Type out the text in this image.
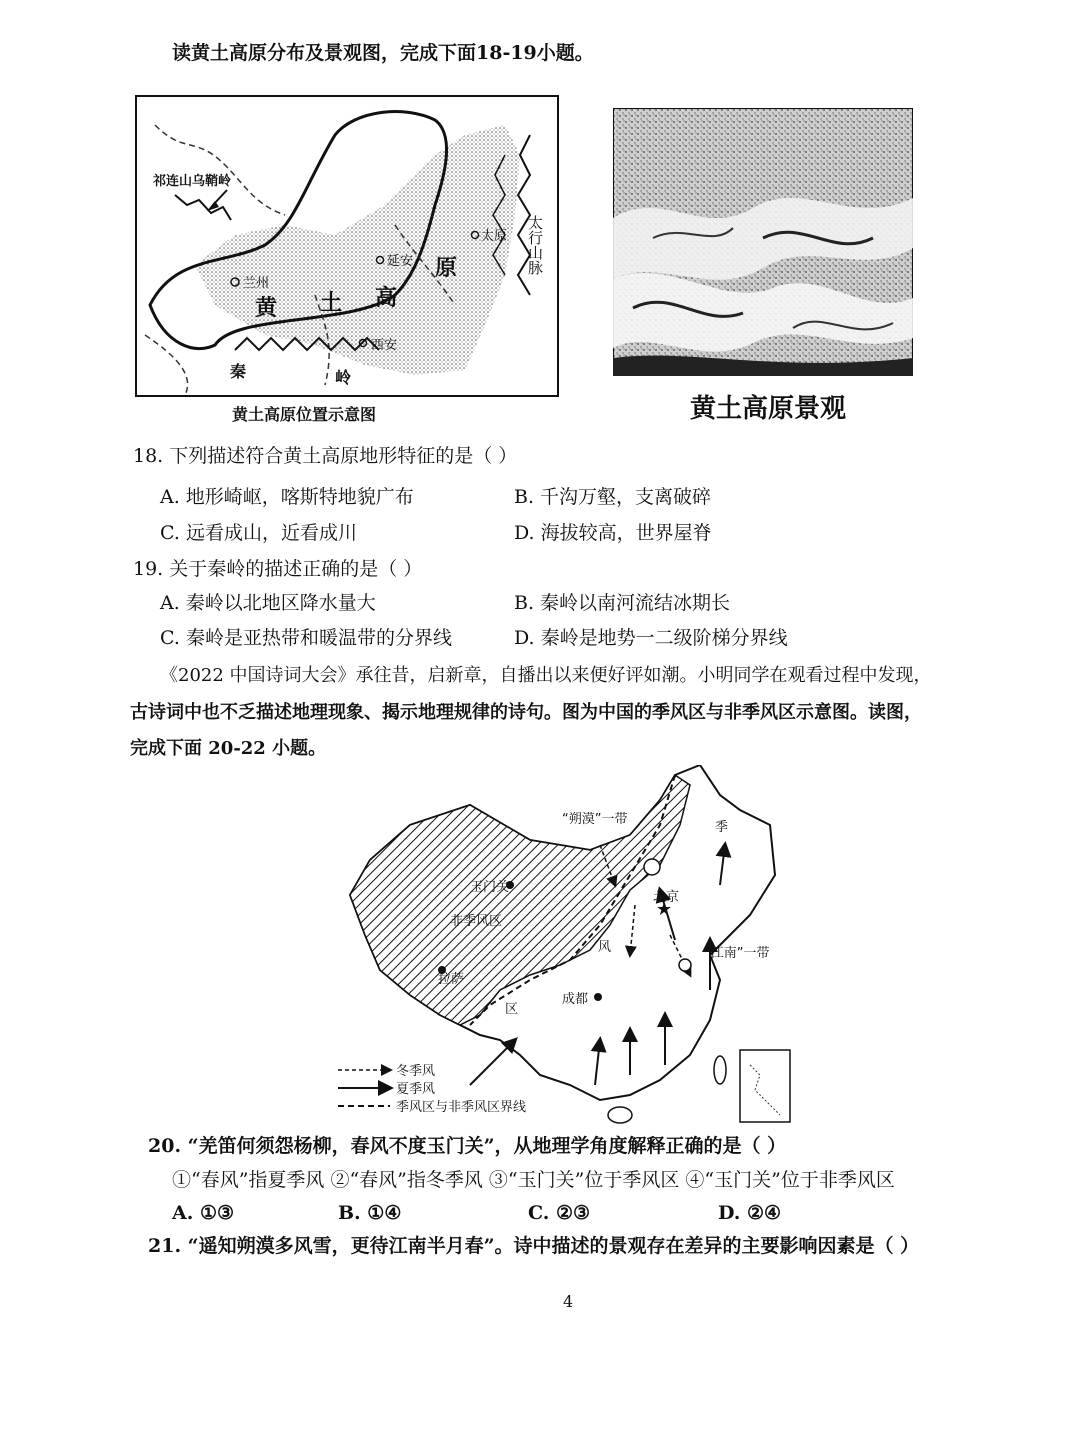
读黄土高原分布及景观图，完成下面18-19小题。
祁连山乌鞘岭
兰州
延安
太原
西安
黄 土 高
原
秦	岭
太行山脉
黄土高原位置示意图	黄土高原景观
18. 下列描述符合黄土高原地形特征的是（ ）
A. 地形崎岖，喀斯特地貌广布	B. 千沟万壑，支离破碎
C. 远看成山，近看成川	D. 海拔较高，世界屋脊
19. 关于秦岭的描述正确的是（ ）
A. 秦岭以北地区降水量大	B. 秦岭以南河流结冰期长
C. 秦岭是亚热带和暖温带的分界线	D. 秦岭是地势一二级阶梯分界线
《2022 中国诗词大会》承往昔，启新章，自播出以来便好评如潮。小明同学在观看过程中发现，
古诗词中也不乏描述地理现象、揭示地理规律的诗句。图为中国的季风区与非季风区示意图。读图，
完成下面 20-22 小题。
★
“朔漠”一带
季
风
区
玉门关
非季风区
拉萨
北京
“江南”一带
成都
冬季风
夏季风
季风区与非季风区界线
20. “羌笛何须怨杨柳，春风不度玉门关”，从地理学角度解释正确的是（ ）
①“春风”指夏季风 ②“春风”指冬季风 ③“玉门关”位于季风区 ④“玉门关”位于非季风区
A. ①③	B. ①④	C. ②③	D. ②④
21. “遥知朔漠多风雪，更待江南半月春”。诗中描述的景观存在差异的主要影响因素是（ ）
4
